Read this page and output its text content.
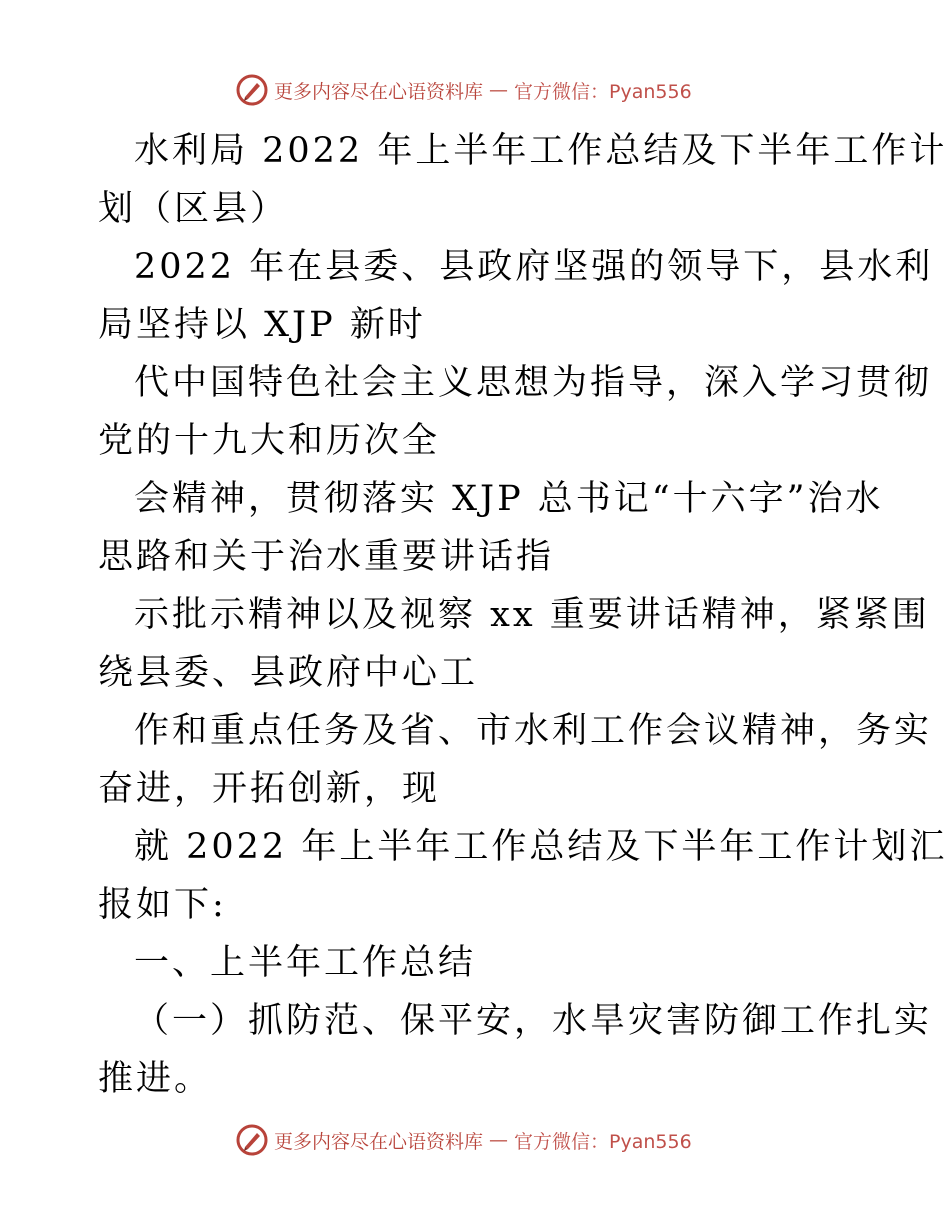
更多内容尽在心语资料库 — 官方微信：Pyan556

水利局 2022 年上半年工作总结及下半年工作计

划（区县）

2022 年在县委、县政府坚强的领导下，县水利

局坚持以 XJP 新时

代中国特色社会主义思想为指导，深入学习贯彻

党的十九大和历次全

会精神，贯彻落实 XJP 总书记“十六字”治水

思路和关于治水重要讲话指

示批示精神以及视察 xx 重要讲话精神，紧紧围

绕县委、县政府中心工

作和重点任务及省、市水利工作会议精神，务实

奋进，开拓创新，现

就 2022 年上半年工作总结及下半年工作计划汇

报如下:

一、上半年工作总结

（一）抓防范、保平安，水旱灾害防御工作扎实

推进。

更多内容尽在心语资料库 — 官方微信：Pyan556
